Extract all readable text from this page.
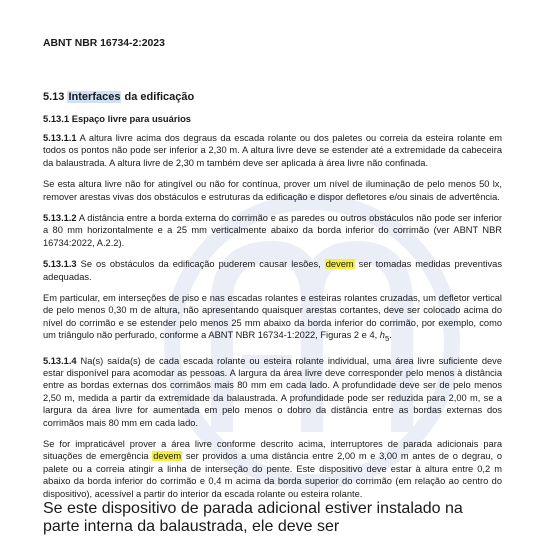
ABNT NBR 16734-2:2023

5.13 Interfaces da edificação

5.13.1 Espaço livre para usuários

5.13.1.1 A altura livre acima dos degraus da escada rolante ou dos paletes ou correia da esteira rolante em todos os pontos não pode ser inferior a 2,30 m. A altura livre deve se estender até a extremidade da cabeceira da balaustrada. A altura livre de 2,30 m também deve ser aplicada à área livre não confinada.

Se esta altura livre não for atingível ou não for contínua, prover um nível de iluminação de pelo menos 50 lx, remover arestas vivas dos obstáculos e estruturas da edificação e dispor defletores e/ou sinais de advertência.

5.13.1.2 A distância entre a borda externa do corrimão e as paredes ou outros obstáculos não pode ser inferior a 80 mm horizontalmente e a 25 mm verticalmente abaixo da borda inferior do corrimão (ver ABNT NBR 16734:2022, A.2.2).

5.13.1.3 Se os obstáculos da edificação puderem causar lesões, devem ser tomadas medidas preventivas adequadas.

Em particular, em interseções de piso e nas escadas rolantes e esteiras rolantes cruzadas, um defletor vertical de pelo menos 0,30 m de altura, não apresentando quaisquer arestas cortantes, deve ser colocado acima do nível do corrimão e se estender pelo menos 25 mm abaixo da borda inferior do corrimão, por exemplo, como um triângulo não perfurado, conforme a ABNT NBR 16734-1:2022, Figuras 2 e 4, $h_5$.

5.13.1.4 Na(s) saída(s) de cada escada rolante ou esteira rolante individual, uma área livre suficiente deve estar disponível para acomodar as pessoas. A largura da área livre deve corresponder pelo menos à distância entre as bordas externas dos corrimãos mais 80 mm em cada lado. A profundidade deve ser de pelo menos 2,50 m, medida a partir da extremidade da balaustrada. A profundidade pode ser reduzida para 2,00 m, se a largura da área livre for aumentada em pelo menos o dobro da distância entre as bordas externas dos corrimãos mais 80 mm em cada lado.

Se for impraticável prover a área livre conforme descrito acima, interruptores de parada adicionais para situações de emergência devem ser providos a uma distância entre 2,00 m e 3,00 m antes de o degrau, o palete ou a correia atingir a linha de interseção do pente. Este dispositivo deve estar à altura entre 0,2 m abaixo da borda inferior do corrimão e 0,4 m acima da borda superior do corrimão (em relação ao centro do dispositivo), acessível a partir do interior da escada rolante ou esteira rolante.

Se este dispositivo de parada adicional estiver instalado na parte interna da balaustrada, ele deve ser
